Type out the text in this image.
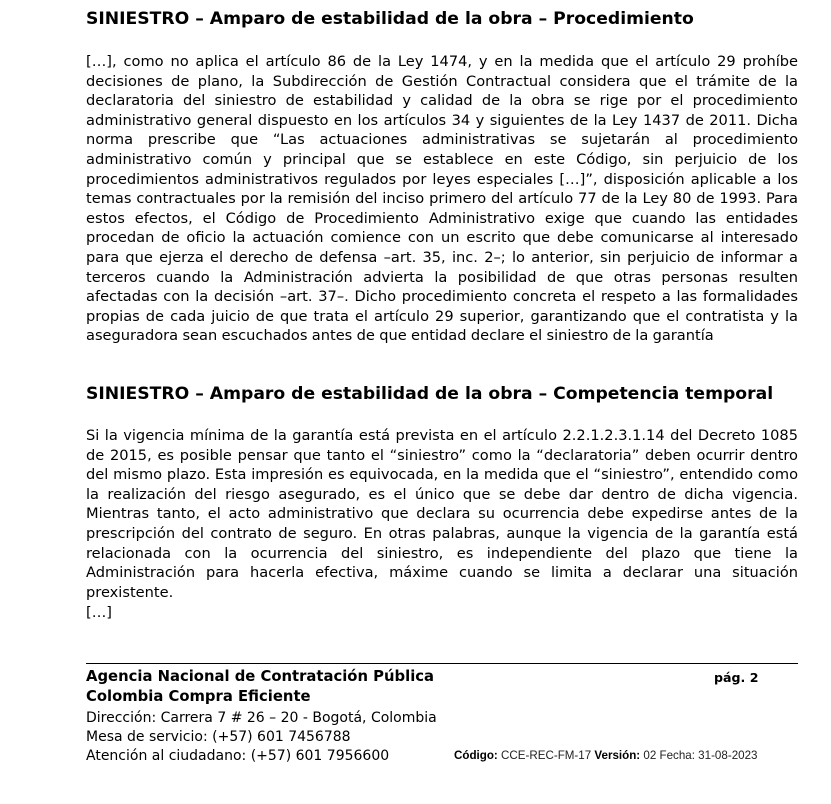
SINIESTRO – Amparo de estabilidad de la obra – Procedimiento

[…], como no aplica el artículo 86 de la Ley 1474, y en la medida que el artículo 29 prohíbe decisiones de plano, la Subdirección de Gestión Contractual considera que el trámite de la declaratoria del siniestro de estabilidad y calidad de la obra se rige por el procedimiento administrativo general dispuesto en los artículos 34 y siguientes de la Ley 1437 de 2011. Dicha norma prescribe que “Las actuaciones administrativas se sujetarán al procedimiento administrativo común y principal que se establece en este Código, sin perjuicio de los procedimientos administrativos regulados por leyes especiales […]”, disposición aplicable a los temas contractuales por la remisión del inciso primero del artículo 77 de la Ley 80 de 1993. Para estos efectos, el Código de Procedimiento Administrativo exige que cuando las entidades procedan de oficio la actuación comience con un escrito que debe comunicarse al interesado para que ejerza el derecho de defensa –art. 35, inc. 2–; lo anterior, sin perjuicio de informar a terceros cuando la Administración advierta la posibilidad de que otras personas resulten afectadas con la decisión –art. 37–. Dicho procedimiento concreta el respeto a las formalidades propias de cada juicio de que trata el artículo 29 superior, garantizando que el contratista y la aseguradora sean escuchados antes de que entidad declare el siniestro de la garantía

SINIESTRO – Amparo de estabilidad de la obra – Competencia temporal

Si la vigencia mínima de la garantía está prevista en el artículo 2.2.1.2.3.1.14 del Decreto 1085 de 2015, es posible pensar que tanto el “siniestro” como la “declaratoria” deben ocurrir dentro del mismo plazo. Esta impresión es equivocada, en la medida que el “siniestro”, entendido como la realización del riesgo asegurado, es el único que se debe dar dentro de dicha vigencia. Mientras tanto, el acto administrativo que declara su ocurrencia debe expedirse antes de la prescripción del contrato de seguro. En otras palabras, aunque la vigencia de la garantía está relacionada con la ocurrencia del siniestro, es independiente del plazo que tiene la Administración para hacerla efectiva, máxime cuando se limita a declarar una situación prexistente.

[…]
Agencia Nacional de Contratación Pública
Colombia Compra Eficiente
Dirección: Carrera 7 # 26 – 20 - Bogotá, Colombia
Mesa de servicio: (+57) 601 7456788
Atención al ciudadano: (+57) 601 7956600
pág. 2
Código: CCE-REC-FM-17 Versión: 02 Fecha: 31-08-2023
